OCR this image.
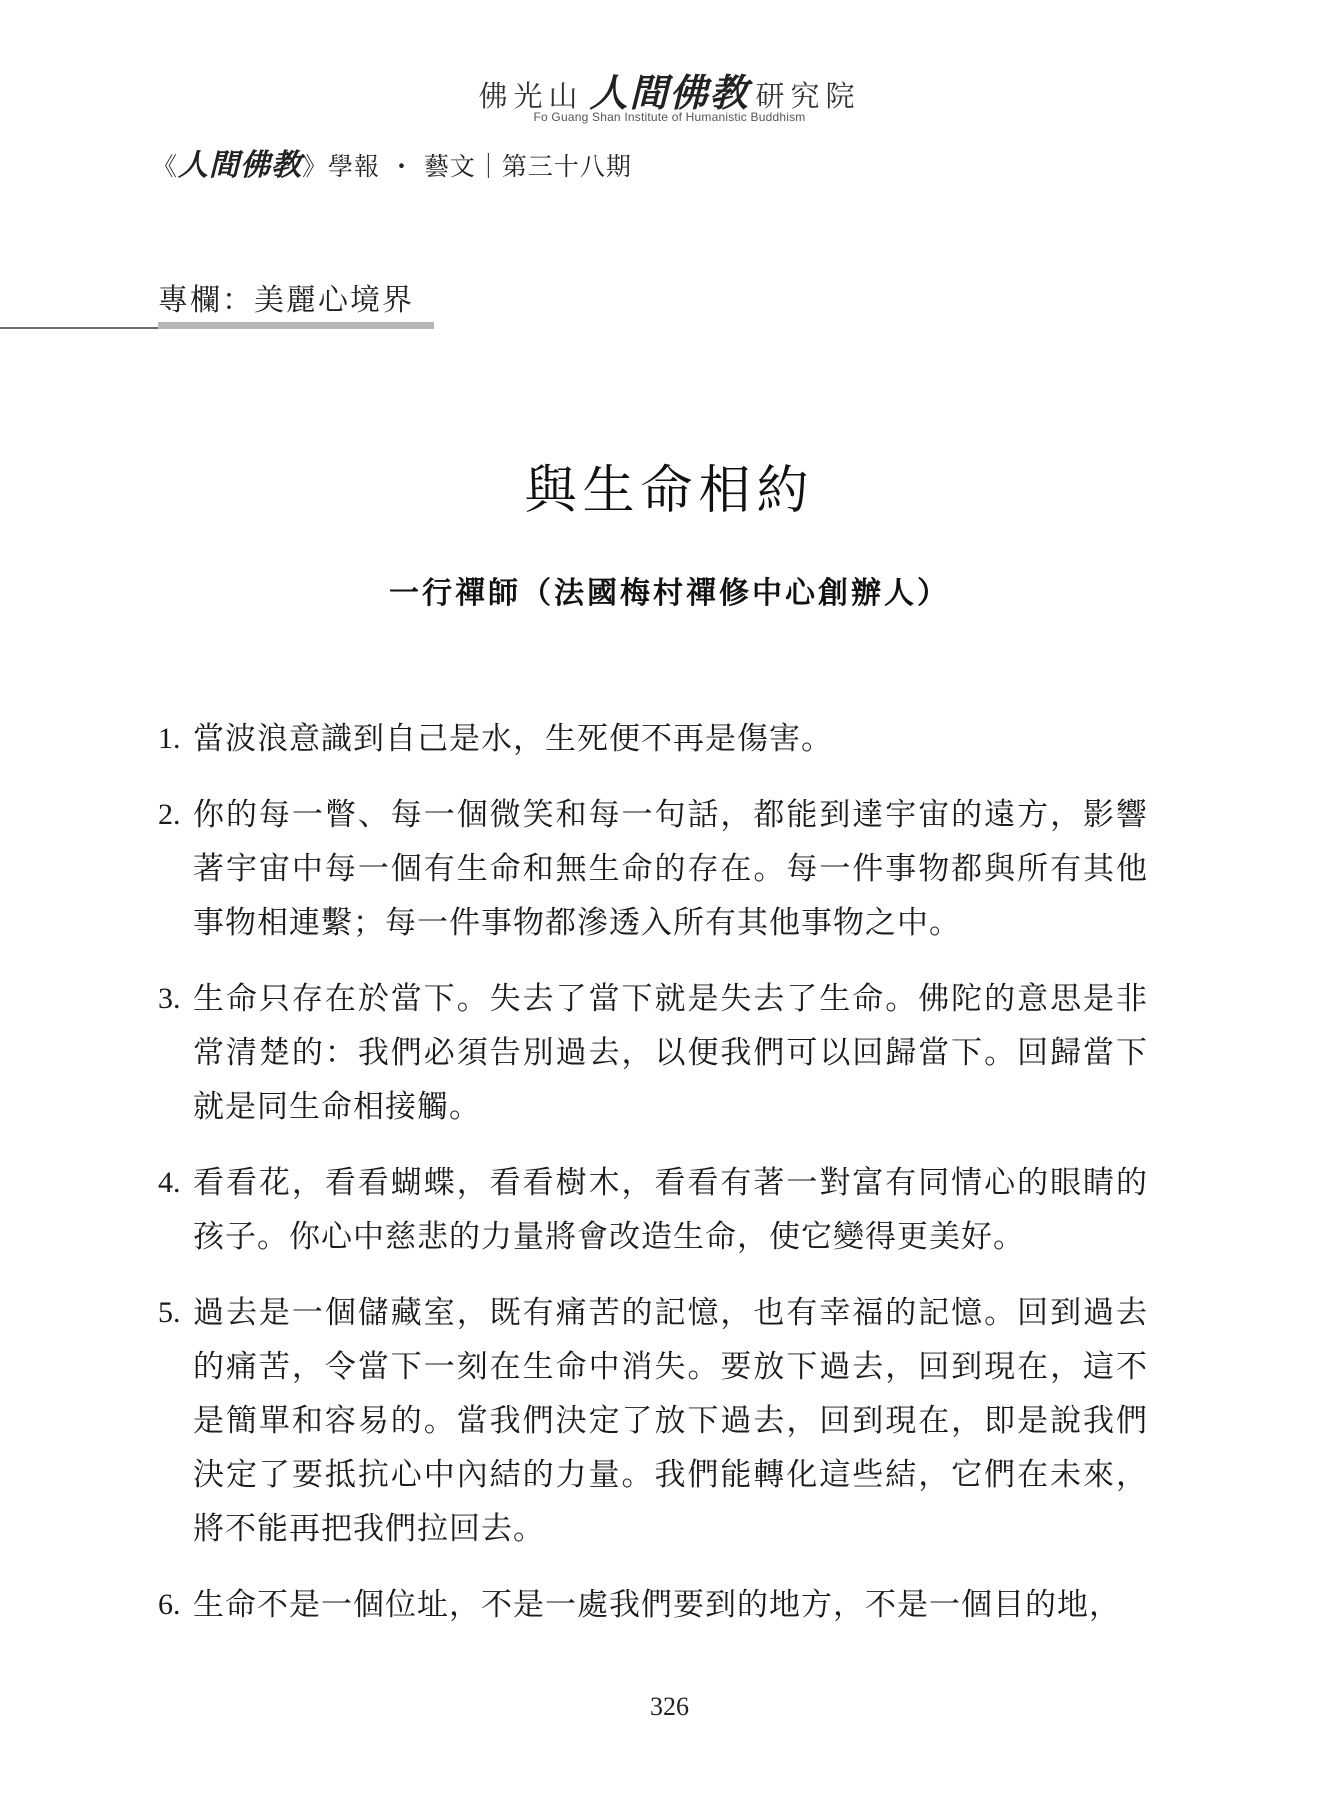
佛光山 人間佛教 研究院
Fo Guang Shan Institute of Humanistic Buddhism
《人間佛教》學報 ・ 藝文｜第三十八期
專欄：美麗心境界
與生命相約
一行禪師（法國梅村禪修中心創辦人）
1. 當波浪意識到自己是水，生死便不再是傷害。
2. 你的每一瞥、每一個微笑和每一句話，都能到達宇宙的遠方，影響著宇宙中每一個有生命和無生命的存在。每一件事物都與所有其他事物相連繫；每一件事物都滲透入所有其他事物之中。
3. 生命只存在於當下。失去了當下就是失去了生命。佛陀的意思是非常清楚的：我們必須告別過去，以便我們可以回歸當下。回歸當下就是同生命相接觸。
4. 看看花，看看蝴蝶，看看樹木，看看有著一對富有同情心的眼睛的孩子。你心中慈悲的力量將會改造生命，使它變得更美好。
5. 過去是一個儲藏室，既有痛苦的記憶，也有幸福的記憶。回到過去的痛苦，令當下一刻在生命中消失。要放下過去，回到現在，這不是簡單和容易的。當我們決定了放下過去，回到現在，即是說我們決定了要抵抗心中內結的力量。我們能轉化這些結，它們在未來，將不能再把我們拉回去。
6. 生命不是一個位址，不是一處我們要到的地方，不是一個目的地，
326
